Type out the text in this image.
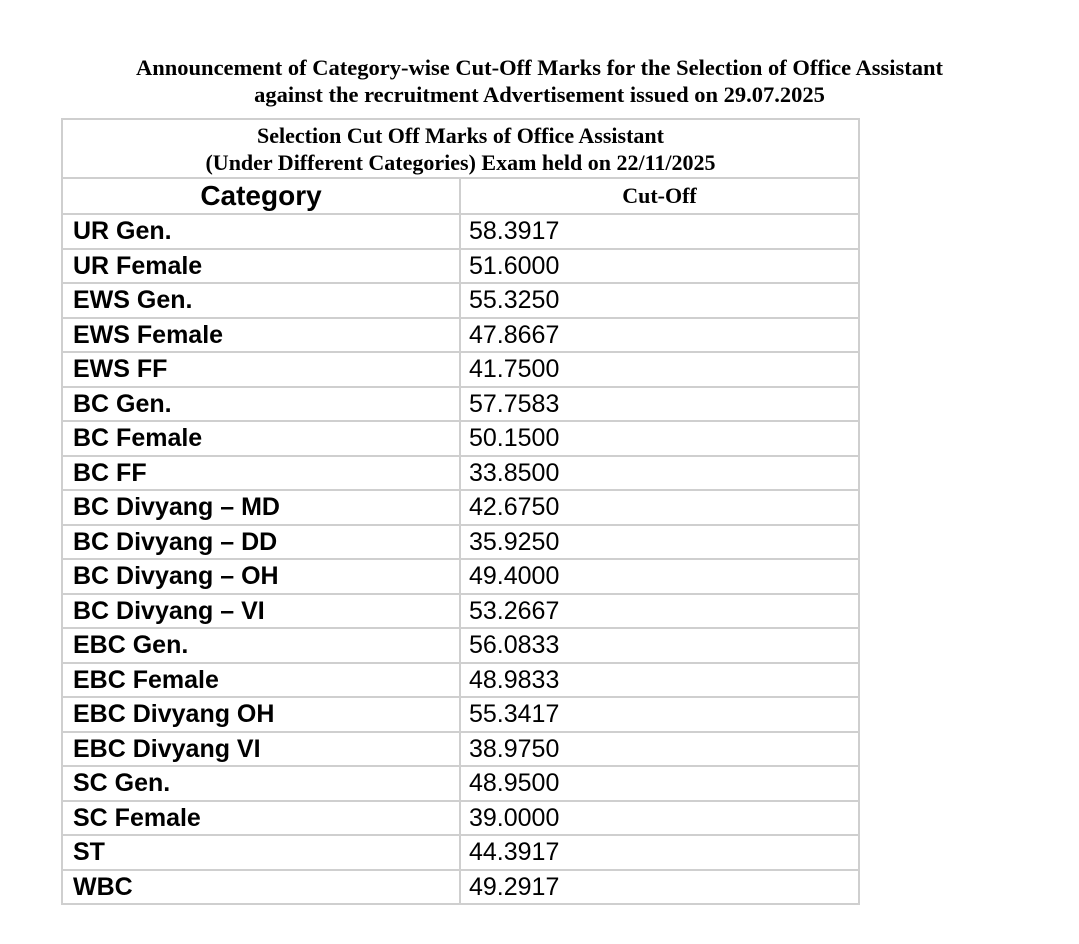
Announcement of Category-wise Cut-Off Marks for the Selection of Office Assistant
against the recruitment Advertisement issued on 29.07.2025
Selection Cut Off Marks of Office Assistant
(Under Different Categories) Exam held on 22/11/2025	

Category	Cut-Off
UR Gen.	58.3917
UR Female	51.6000
EWS Gen.	55.3250
EWS Female	47.8667
EWS FF	41.7500
BC Gen.	57.7583
BC Female	50.1500
BC FF	33.8500
BC Divyang – MD	42.6750
BC Divyang – DD	35.9250
BC Divyang – OH	49.4000
BC Divyang – VI	53.2667
EBC Gen.	56.0833
EBC Female	48.9833
EBC Divyang OH	55.3417
EBC Divyang VI	38.9750
SC Gen.	48.9500
SC Female	39.0000
ST	44.3917
WBC	49.2917
